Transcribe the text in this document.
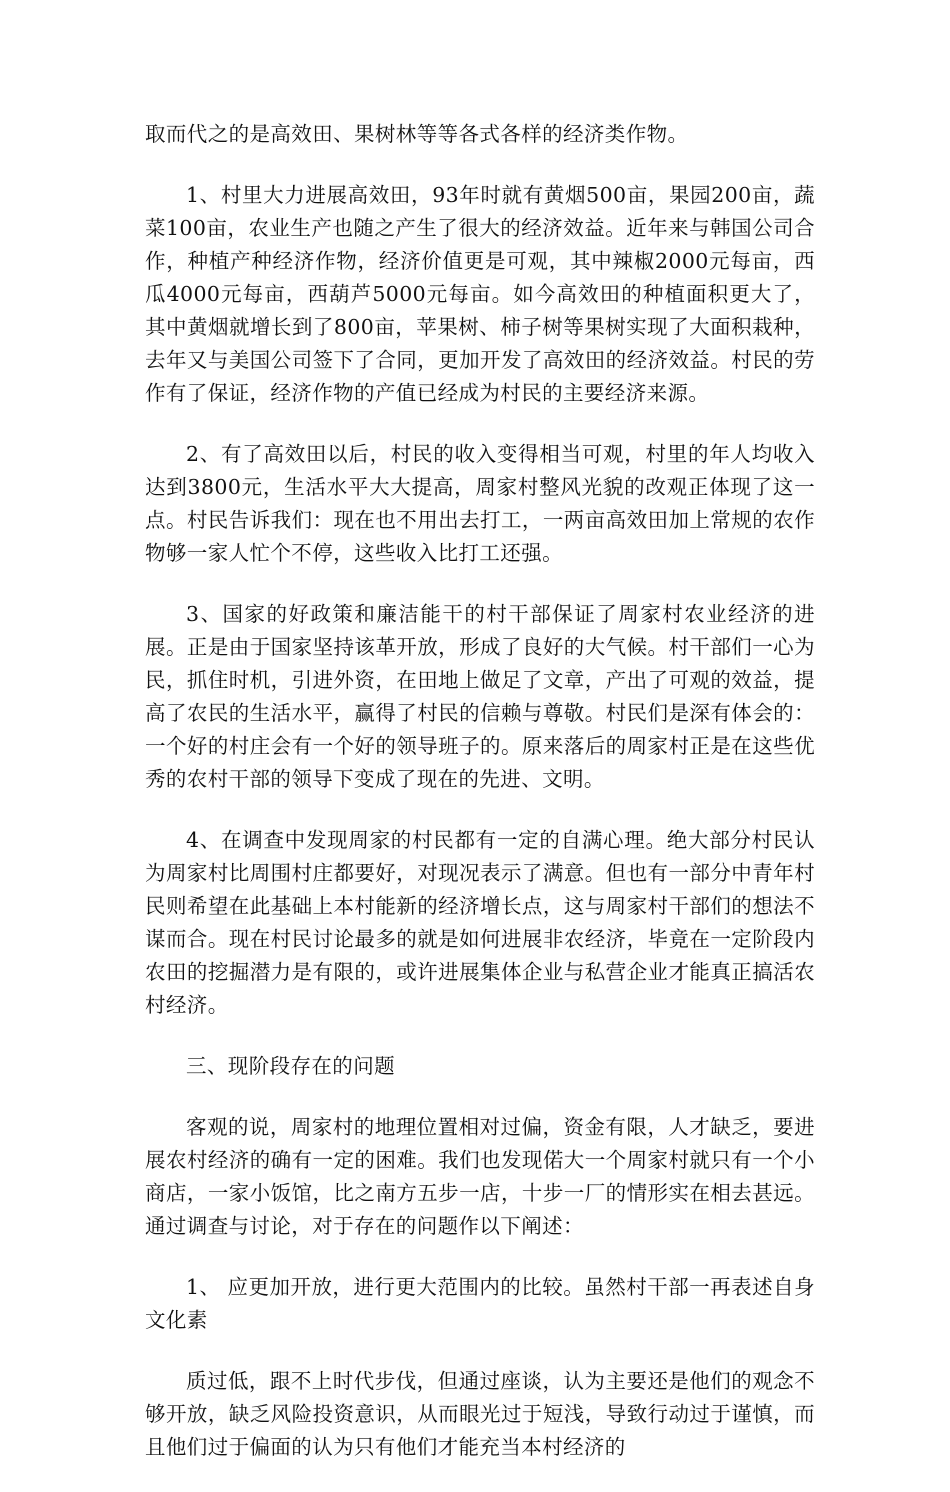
取而代之的是高效田、果树林等等各式各样的经济类作物。

1、村里大力进展高效田，93年时就有黄烟500亩，果园200亩，蔬菜100亩，农业生产也随之产生了很大的经济效益。近年来与韩国公司合作，种植产种经济作物，经济价值更是可观，其中辣椒2000元每亩，西瓜4000元每亩，西葫芦5000元每亩。如今高效田的种植面积更大了，其中黄烟就增长到了800亩，苹果树、柿子树等果树实现了大面积栽种，去年又与美国公司签下了合同，更加开发了高效田的经济效益。村民的劳作有了保证，经济作物的产值已经成为村民的主要经济来源。

2、有了高效田以后，村民的收入变得相当可观，村里的年人均收入达到3800元，生活水平大大提高，周家村整风光貌的改观正体现了这一点。村民告诉我们：现在也不用出去打工，一两亩高效田加上常规的农作物够一家人忙个不停，这些收入比打工还强。

3、国家的好政策和廉洁能干的村干部保证了周家村农业经济的进展。正是由于国家坚持该革开放，形成了良好的大气候。村干部们一心为民，抓住时机，引进外资，在田地上做足了文章，产出了可观的效益，提高了农民的生活水平，赢得了村民的信赖与尊敬。村民们是深有体会的：一个好的村庄会有一个好的领导班子的。原来落后的周家村正是在这些优秀的农村干部的领导下变成了现在的先进、文明。

4、在调查中发现周家的村民都有一定的自满心理。绝大部分村民认为周家村比周围村庄都要好，对现况表示了满意。但也有一部分中青年村民则希望在此基础上本村能新的经济增长点，这与周家村干部们的想法不谋而合。现在村民讨论最多的就是如何进展非农经济，毕竟在一定阶段内农田的挖掘潜力是有限的，或许进展集体企业与私营企业才能真正搞活农村经济。

三、现阶段存在的问题

客观的说，周家村的地理位置相对过偏，资金有限，人才缺乏，要进展农村经济的确有一定的困难。我们也发现偌大一个周家村就只有一个小商店，一家小饭馆，比之南方五步一店，十步一厂的情形实在相去甚远。通过调查与讨论，对于存在的问题作以下阐述：

1、 应更加开放，进行更大范围内的比较。虽然村干部一再表述自身文化素

质过低，跟不上时代步伐，但通过座谈，认为主要还是他们的观念不够开放，缺乏风险投资意识，从而眼光过于短浅，导致行动过于谨慎，而且他们过于偏面的认为只有他们才能充当本村经济的
